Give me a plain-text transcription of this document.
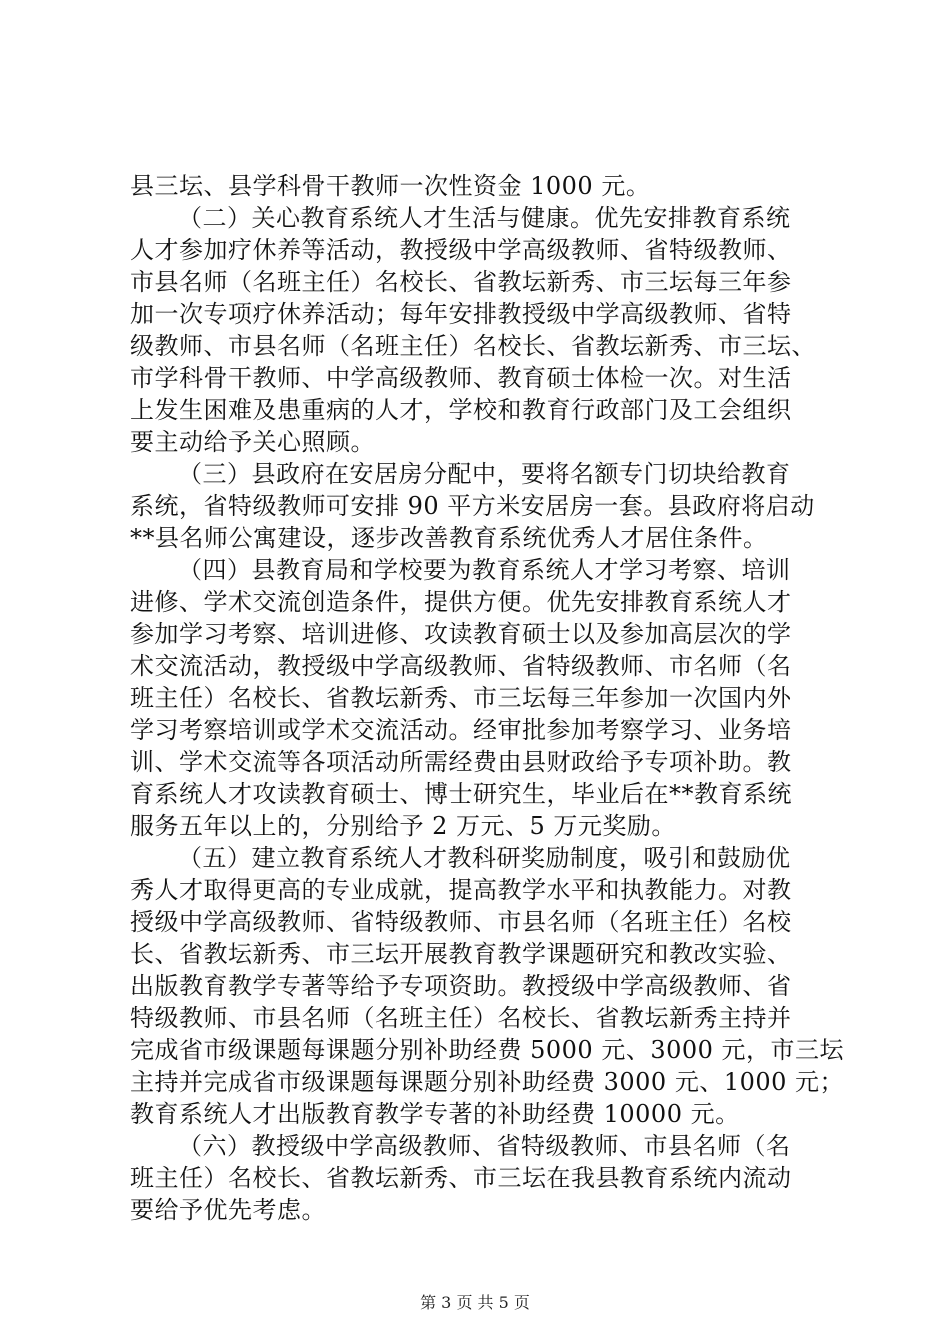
县三坛、县学科骨干教师一次性资金 1000 元。
（二）关心教育系统人才生活与健康。优先安排教育系统
人才参加疗休养等活动，教授级中学高级教师、省特级教师、
市县名师（名班主任）名校长、省教坛新秀、市三坛每三年参
加一次专项疗休养活动；每年安排教授级中学高级教师、省特
级教师、市县名师（名班主任）名校长、省教坛新秀、市三坛、
市学科骨干教师、中学高级教师、教育硕士体检一次。对生活
上发生困难及患重病的人才，学校和教育行政部门及工会组织
要主动给予关心照顾。
（三）县政府在安居房分配中，要将名额专门切块给教育
系统，省特级教师可安排 90 平方米安居房一套。县政府将启动
**县名师公寓建设，逐步改善教育系统优秀人才居住条件。
（四）县教育局和学校要为教育系统人才学习考察、培训
进修、学术交流创造条件，提供方便。优先安排教育系统人才
参加学习考察、培训进修、攻读教育硕士以及参加高层次的学
术交流活动，教授级中学高级教师、省特级教师、市名师（名
班主任）名校长、省教坛新秀、市三坛每三年参加一次国内外
学习考察培训或学术交流活动。经审批参加考察学习、业务培
训、学术交流等各项活动所需经费由县财政给予专项补助。教
育系统人才攻读教育硕士、博士研究生，毕业后在**教育系统
服务五年以上的，分别给予 2 万元、5 万元奖励。
（五）建立教育系统人才教科研奖励制度，吸引和鼓励优
秀人才取得更高的专业成就，提高教学水平和执教能力。对教
授级中学高级教师、省特级教师、市县名师（名班主任）名校
长、省教坛新秀、市三坛开展教育教学课题研究和教改实验、
出版教育教学专著等给予专项资助。教授级中学高级教师、省
特级教师、市县名师（名班主任）名校长、省教坛新秀主持并
完成省市级课题每课题分别补助经费 5000 元、3000 元，市三坛
主持并完成省市级课题每课题分别补助经费 3000 元、1000 元；
教育系统人才出版教育教学专著的补助经费 10000 元。
（六）教授级中学高级教师、省特级教师、市县名师（名
班主任）名校长、省教坛新秀、市三坛在我县教育系统内流动
要给予优先考虑。
第 3 页 共 5 页
